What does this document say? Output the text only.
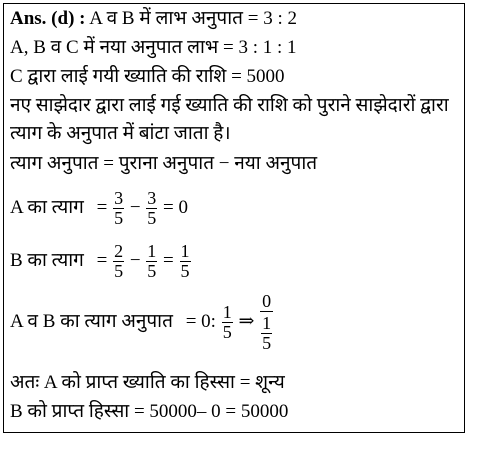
Ans. (d) : A व B में लाभ अनुपात = 3 : 2
A, B व C में नया अनुपात लाभ = 3 : 1 : 1
C द्वारा लाई गयी ख्याति की राशि = 5000
नए साझेदार द्वारा लाई गई ख्याति की राशि को पुराने साझेदारों द्वारा
त्याग के अनुपात में बांटा जाता है।
त्याग अनुपात = पुराना अनुपात − नया अनुपात
A का त्याग = $\frac{3}{5} - \frac{3}{5} = 0$
B का त्याग = $\frac{2}{5} - \frac{1}{5} = \frac{1}{5}$
A व B का त्याग अनुपात = 0: $\frac{1}{5}$ ⇒ $\frac{0}{\frac{1}{5}}$
अतः A को प्राप्त ख्याति का हिस्सा = शून्य
B को प्राप्त हिस्सा = 50000– 0 = 50000
